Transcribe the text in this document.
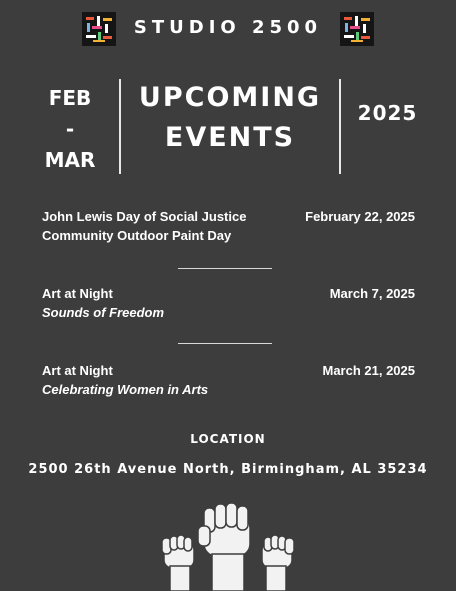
STUDIO 2500
FEB
-
MAR
UPCOMING
EVENTS
2025
John Lewis Day of Social Justice
Community Outdoor Paint Day
February 22, 2025
Art at Night
Sounds of Freedom
March 7, 2025
Art at Night
Celebrating Women in Arts
March 21, 2025
LOCATION
2500 26th Avenue North, Birmingham, AL 35234
